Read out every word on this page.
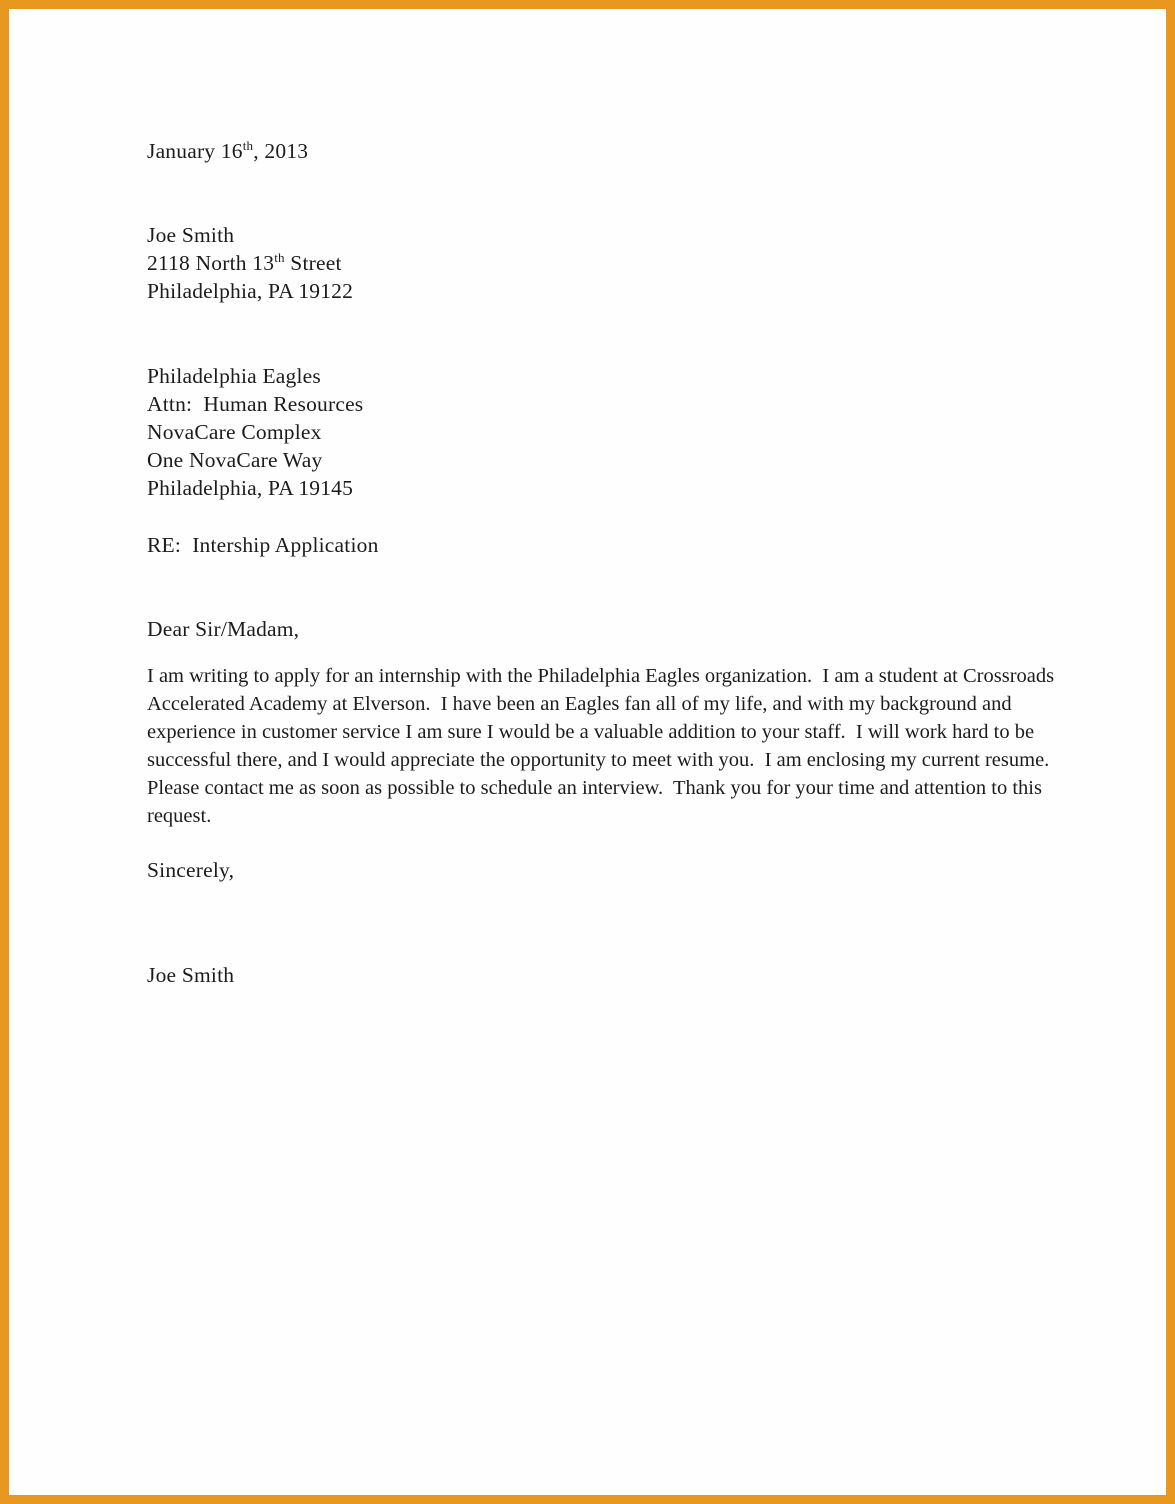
January 16th, 2013
Joe Smith
2118 North 13th Street
Philadelphia, PA 19122
Philadelphia Eagles
Attn:  Human Resources
NovaCare Complex
One NovaCare Way
Philadelphia, PA 19145
RE:  Intership Application
Dear Sir/Madam,
I am writing to apply for an internship with the Philadelphia Eagles organization.  I am a student at Crossroads Accelerated Academy at Elverson.  I have been an Eagles fan all of my life, and with my background and experience in customer service I am sure I would be a valuable addition to your staff.  I will work hard to be successful there, and I would appreciate the opportunity to meet with you.  I am enclosing my current resume.  Please contact me as soon as possible to schedule an interview.  Thank you for your time and attention to this request.
Sincerely,
Joe Smith
